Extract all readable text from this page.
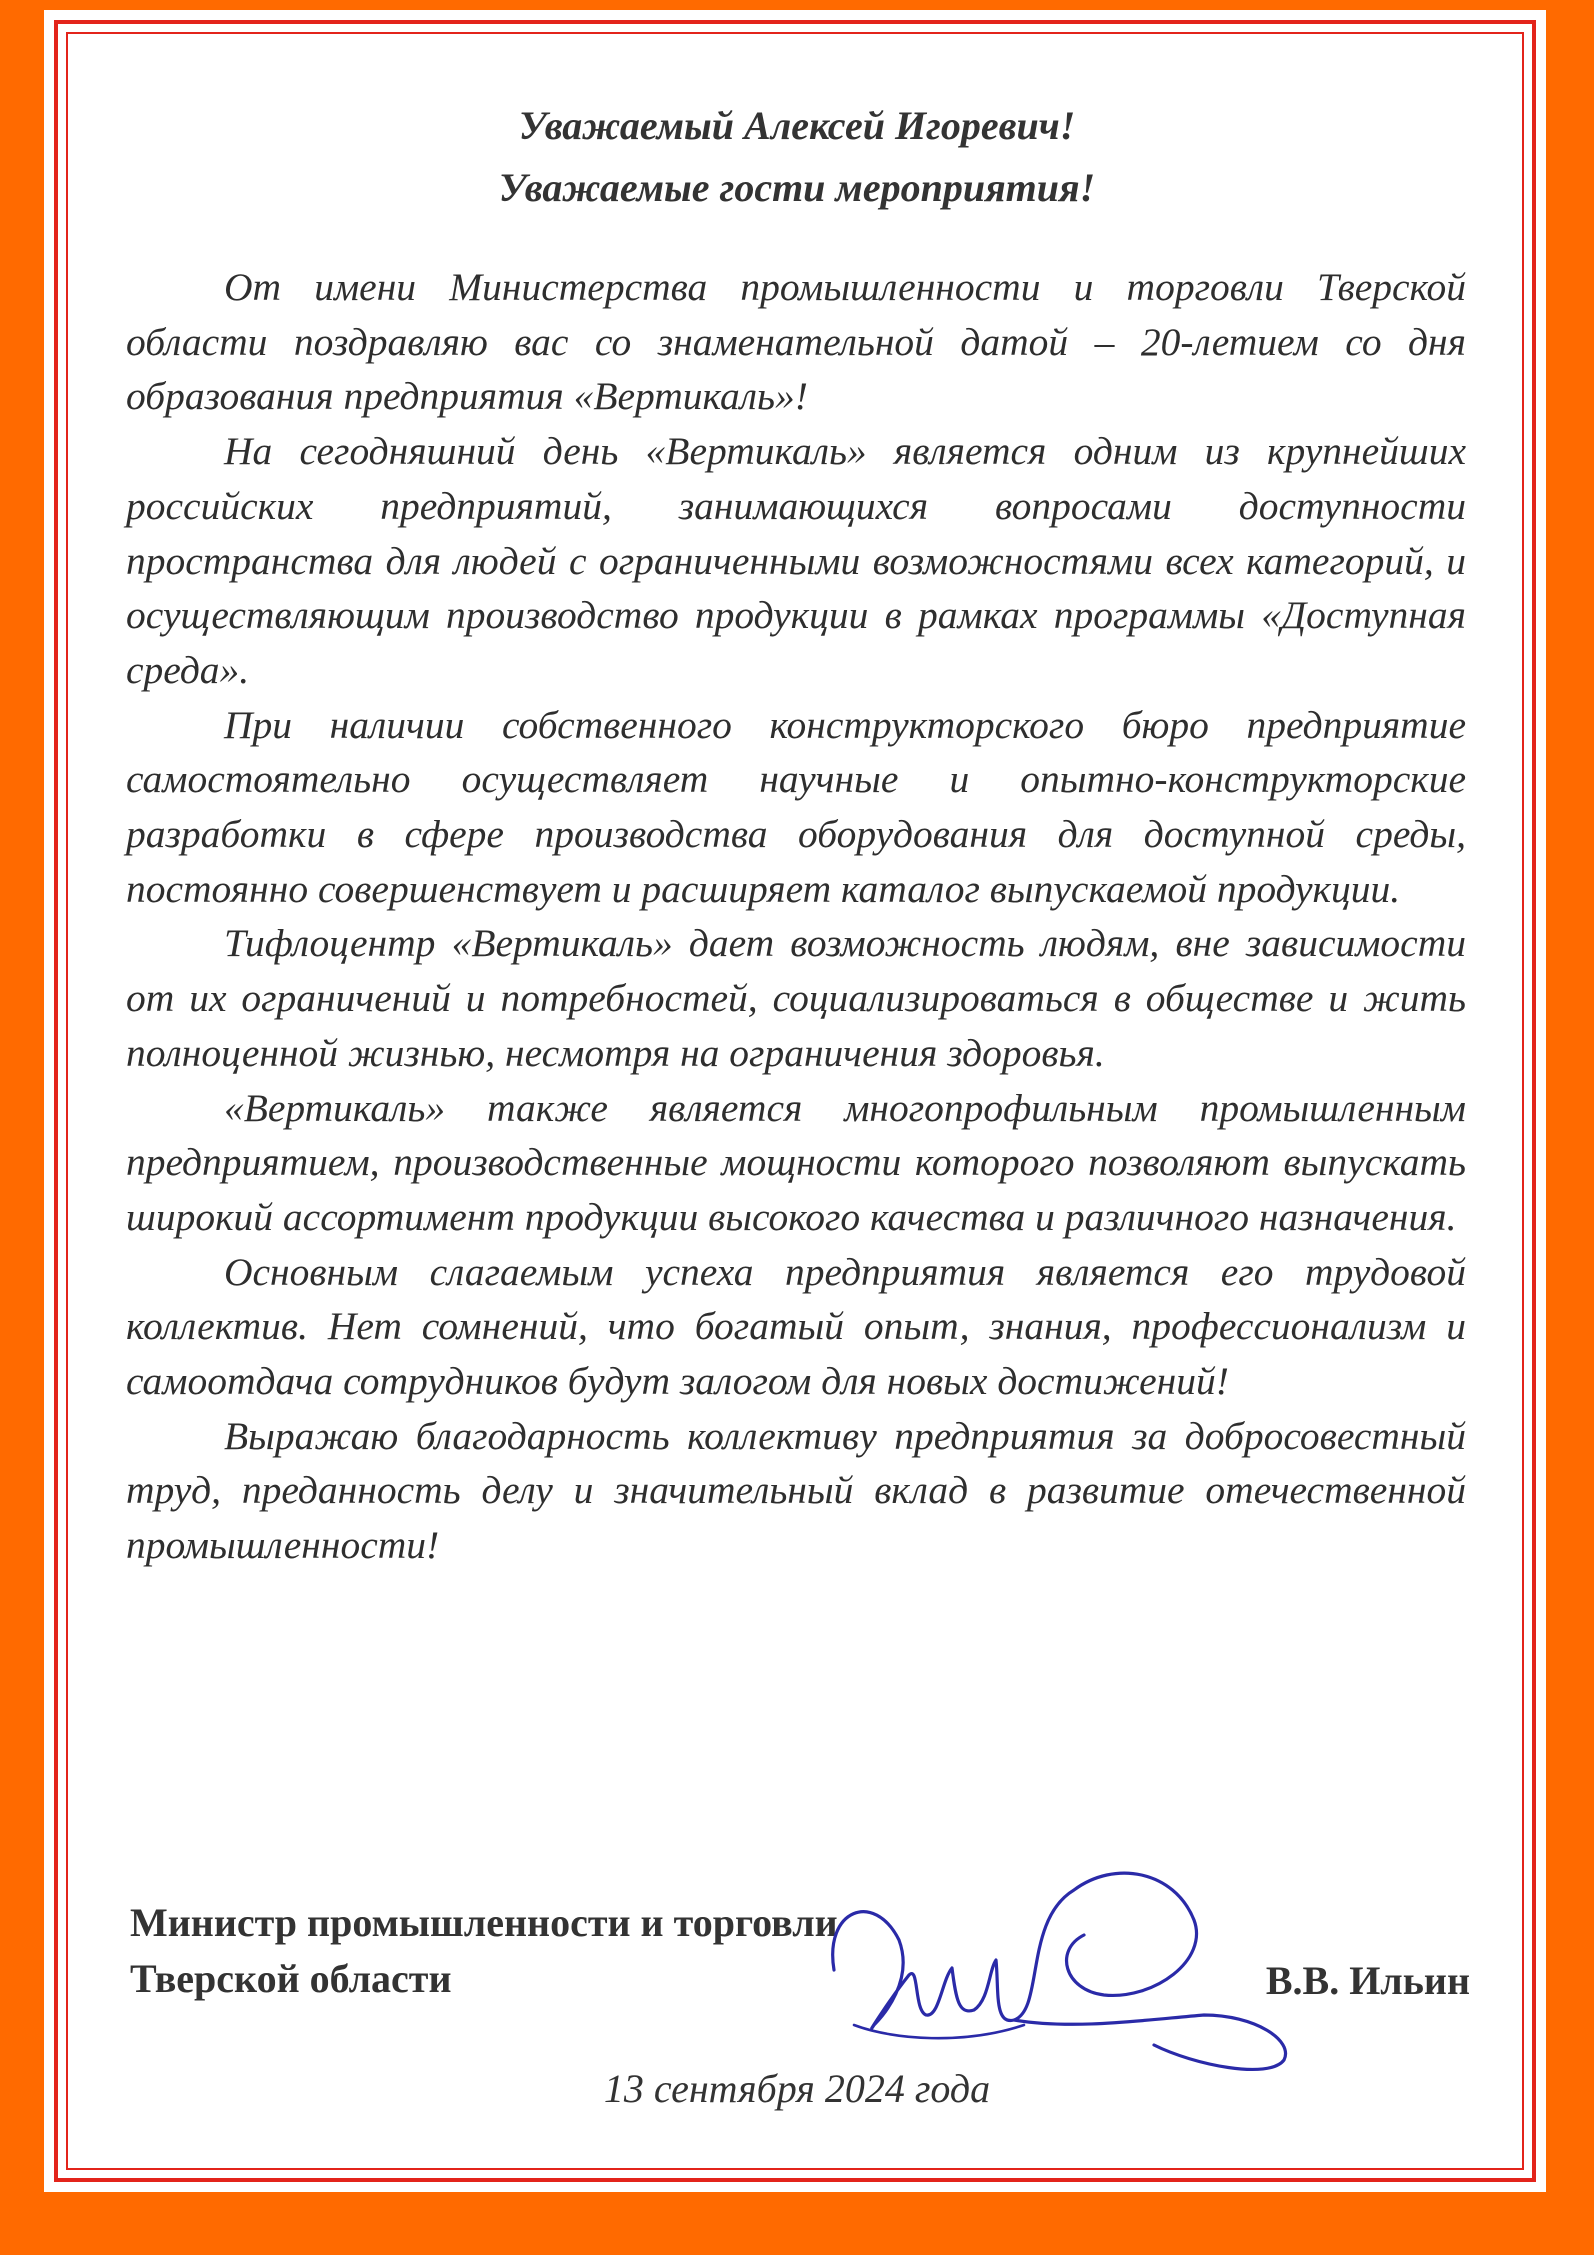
Уважаемый Алексей Игоревич!
Уважаемые гости мероприятия!

От имени Министерства промышленности и торговли Тверской области поздравляю вас со знаменательной датой – 20-летием со дня образования предприятия «Вертикаль»!

На сегодняшний день «Вертикаль» является одним из крупнейших российских предприятий, занимающихся вопросами доступности пространства для людей с ограниченными возможностями всех категорий, и осуществляющим производство продукции в рамках программы «Доступная среда».

При наличии собственного конструкторского бюро предприятие самостоятельно осуществляет научные и опытно-конструкторские разработки в сфере производства оборудования для доступной среды, постоянно совершенствует и расширяет каталог выпускаемой продукции.

Тифлоцентр «Вертикаль» дает возможность людям, вне зависимости от их ограничений и потребностей, социализироваться в обществе и жить полноценной жизнью, несмотря на ограничения здоровья.

«Вертикаль» также является многопрофильным промышленным предприятием, производственные мощности которого позволяют выпускать широкий ассортимент продукции высокого качества и различного назначения.

Основным слагаемым успеха предприятия является его трудовой коллектив. Нет сомнений, что богатый опыт, знания, профессионализм и самоотдача сотрудников будут залогом для новых достижений!

Выражаю благодарность коллективу предприятия за добросовестный труд, преданность делу и значительный вклад в развитие отечественной промышленности!

Министр промышленности и торговли
Тверской области	В.В. Ильин
13 сентября 2024 года
